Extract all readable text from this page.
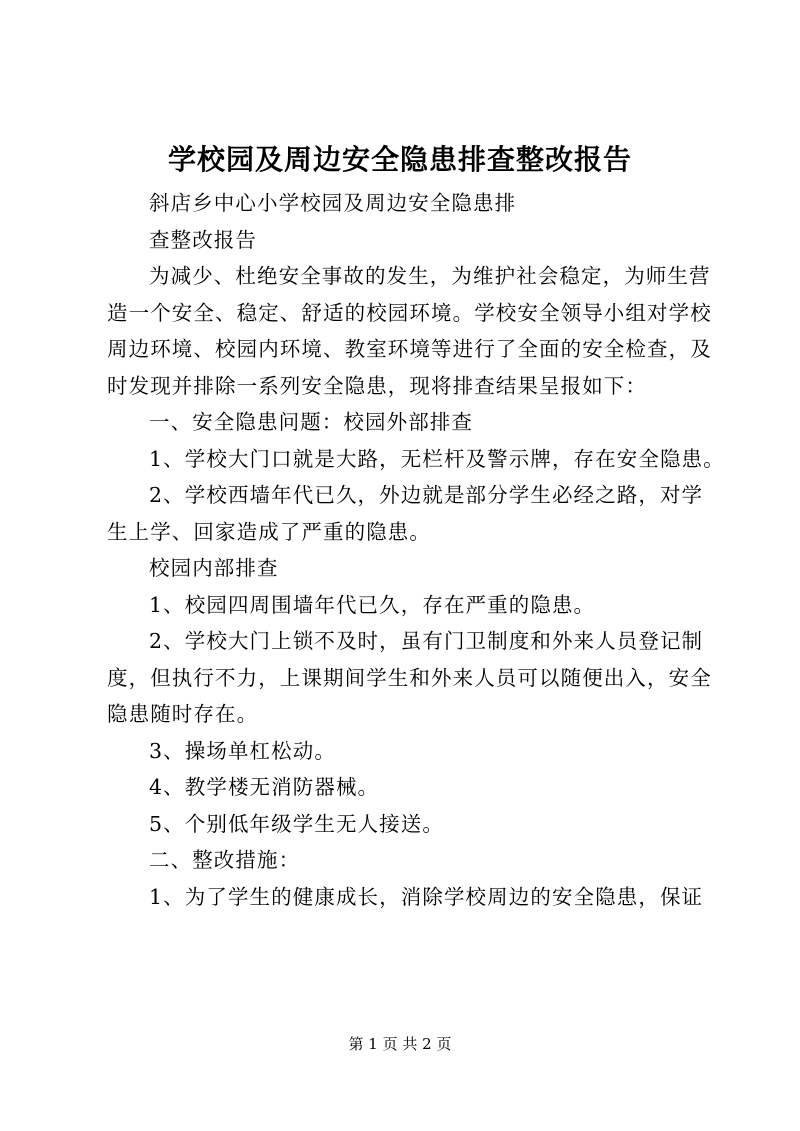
学校园及周边安全隐患排查整改报告
斜店乡中心小学校园及周边安全隐患排
查整改报告
为减少、杜绝安全事故的发生，为维护社会稳定，为师生营
造一个安全、稳定、舒适的校园环境。学校安全领导小组对学校
周边环境、校园内环境、教室环境等进行了全面的安全检查，及
时发现并排除一系列安全隐患，现将排查结果呈报如下：
一、安全隐患问题：校园外部排查
1、学校大门口就是大路，无栏杆及警示牌，存在安全隐患。
2、学校西墙年代已久，外边就是部分学生必经之路，对学
生上学、回家造成了严重的隐患。
校园内部排查
1、校园四周围墙年代已久，存在严重的隐患。
2、学校大门上锁不及时，虽有门卫制度和外来人员登记制
度，但执行不力，上课期间学生和外来人员可以随便出入，安全
隐患随时存在。
3、操场单杠松动。
4、教学楼无消防器械。
5、个别低年级学生无人接送。
二、整改措施：
1、为了学生的健康成长，消除学校周边的安全隐患，保证
第 1 页 共 2 页
